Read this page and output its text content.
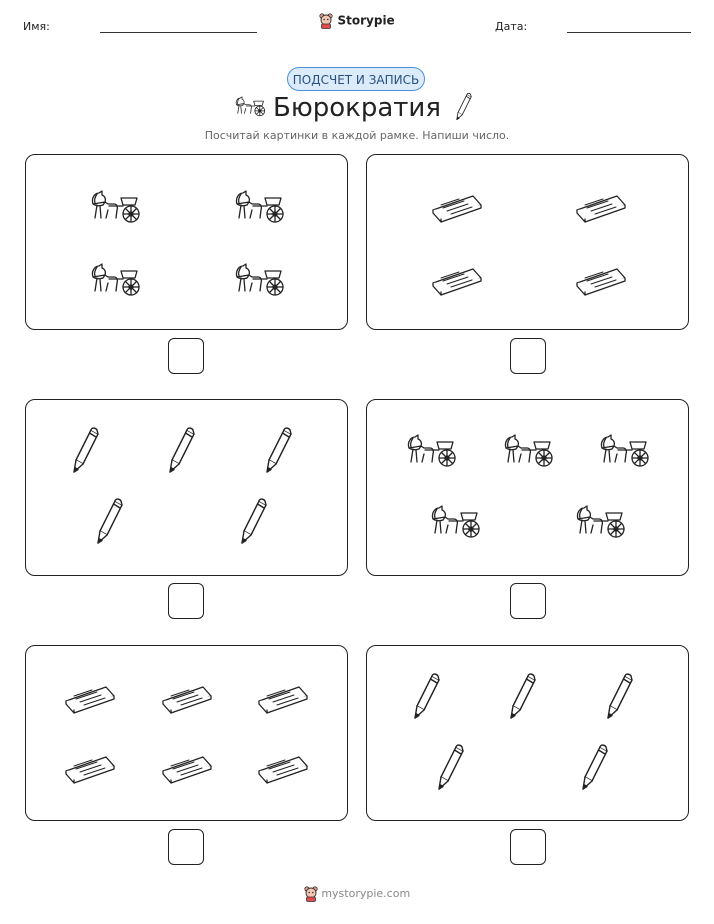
Имя:	Storypie	Дата:
ПОДСЧЕТ И ЗАПИСЬ
Бюрократия
Посчитай картинки в каждой рамке. Напиши число.
mystorypie.com
